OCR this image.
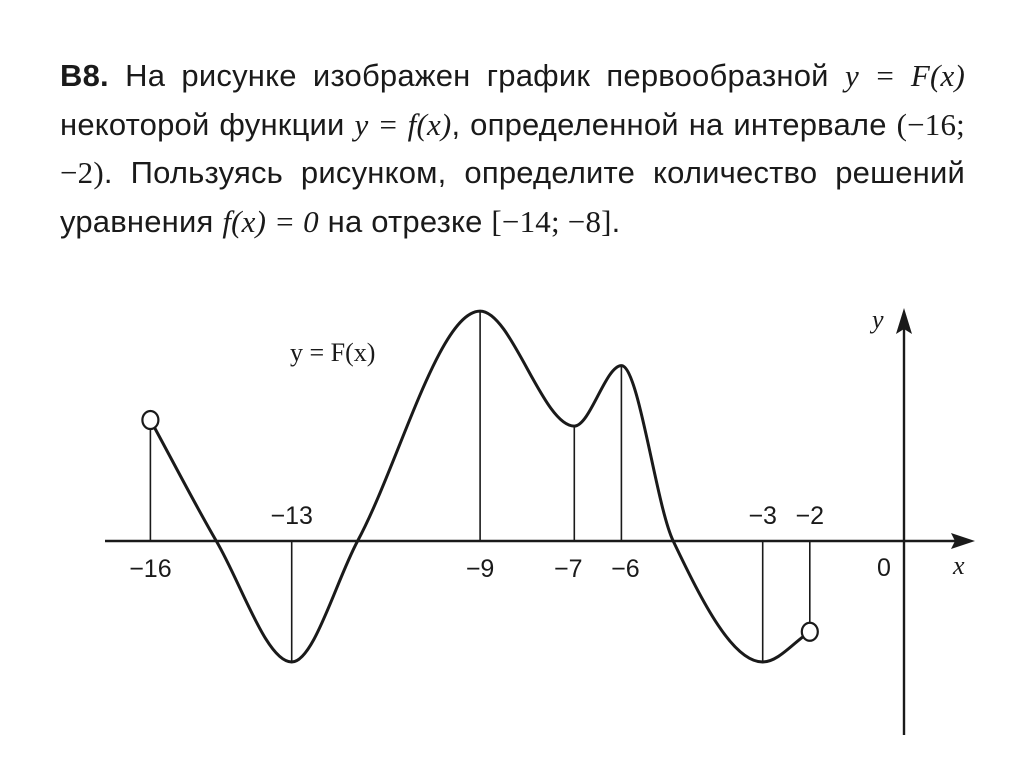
В8. На рисунке изображен график первообразной y = F(x) некоторой функции y = f(x), определенной на интервале (−16; −2). Пользуясь рисунком, определите количество решений уравнения f(x) = 0 на отрезке [−14; −8].
x
y
0
−16
−13
−9 −7 −6
−3 −2
y = F(x)
